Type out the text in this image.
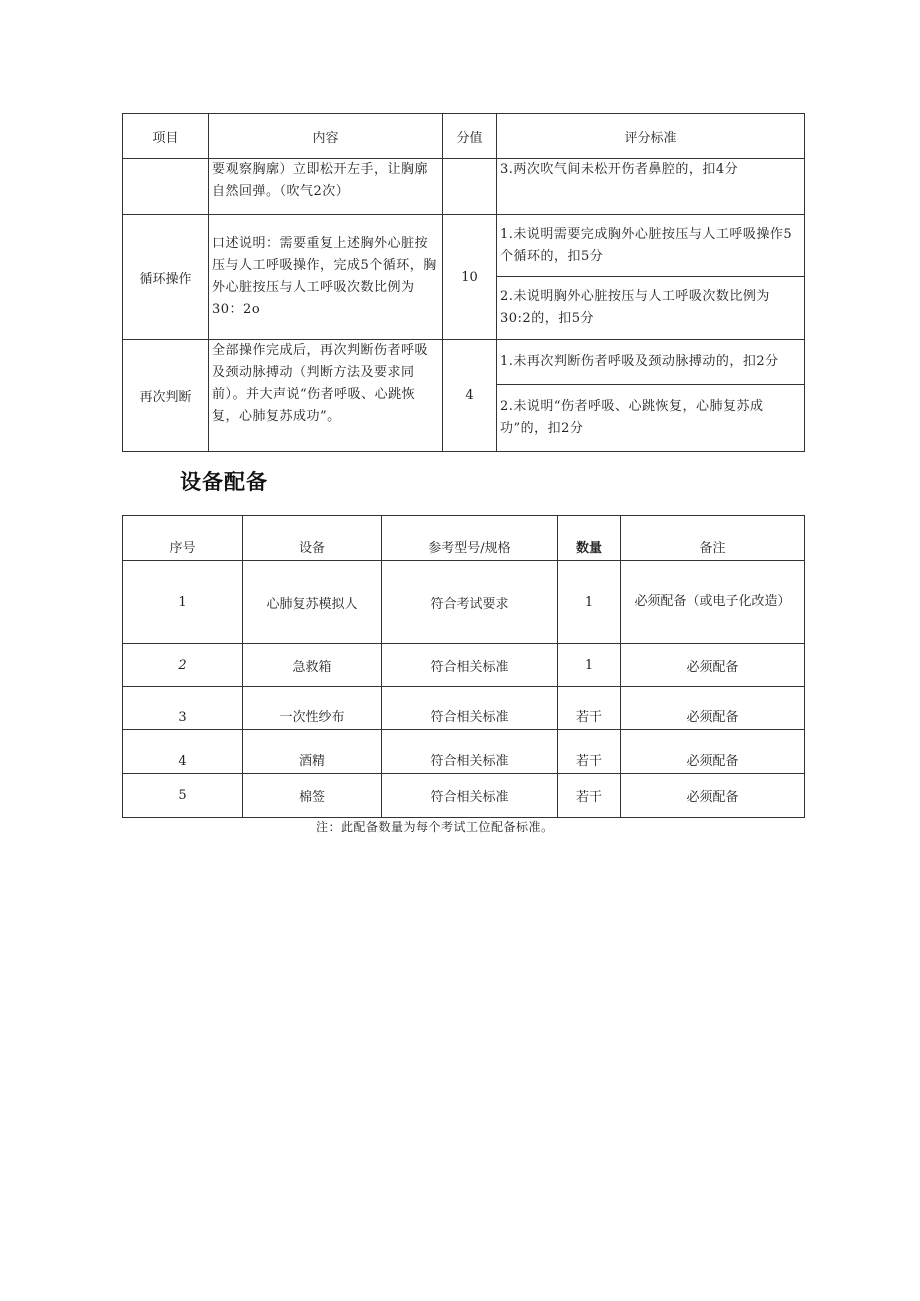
项目	内容	分值	评分标准

	要观察胸廓）立即松开左手，让胸廓自然回弹。（吹气2次）		3.两次吹气间未松开伤者鼻腔的，扣4分

循环操作	口述说明：需要重复上述胸外心脏按压与人工呼吸操作，完成5个循环，胸外心脏按压与人工呼吸次数比例为30：2o	10	1.未说明需要完成胸外心脏按压与人工呼吸操作5个循环的，扣5分

			2.未说明胸外心脏按压与人工呼吸次数比例为30:2的，扣5分

再次判断	全部操作完成后，再次判断伤者呼吸及颈动脉搏动（判断方法及要求同前）。并大声说“伤者呼吸、心跳恢复，心肺复苏成功”。	4	1.未再次判断伤者呼吸及颈动脉搏动的，扣2分

			2.未说明“伤者呼吸、心跳恢复，心肺复苏成功”的，扣2分
设备配备
序号	设备	参考型号/规格	数量	备注
1	心肺复苏模拟人	符合考试要求	1	必须配备（或电子化改造）
2	急救箱	符合相关标准	1	必须配备
3	一次性纱布	符合相关标准	若干	必须配备
4	酒精	符合相关标准	若干	必须配备
5	棉签	符合相关标准	若干	必须配备
注：此配备数量为每个考试工位配备标准。
